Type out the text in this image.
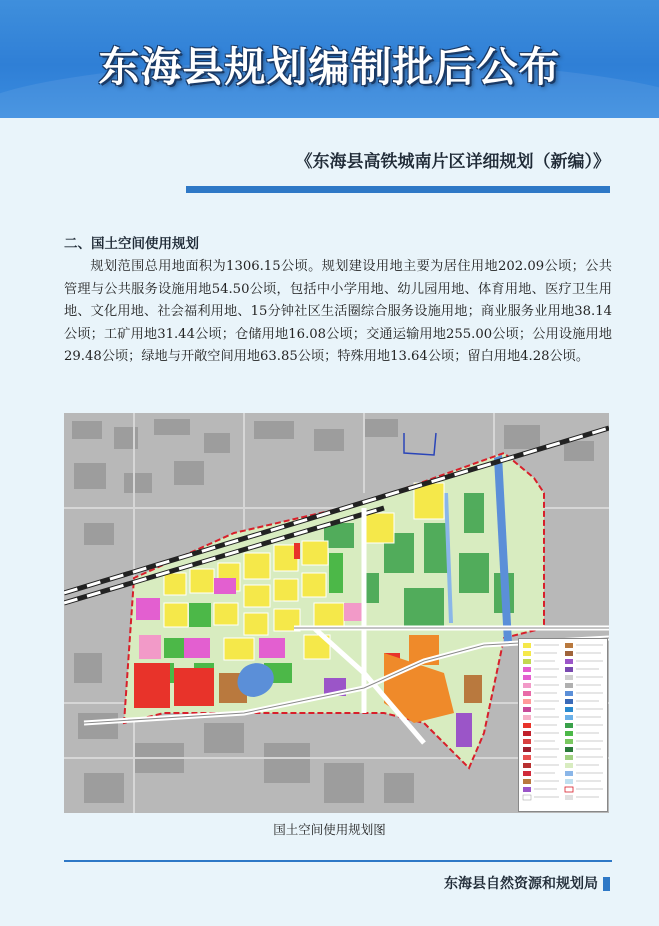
东海县规划编制批后公布
《东海县高铁城南片区详细规划（新编）》
二、国土空间使用规划
规划范围总用地面积为1306.15公顷。规划建设用地主要为居住用地202.09公顷；公共管理与公共服务设施用地54.50公顷，包括中小学用地、幼儿园用地、体育用地、医疗卫生用地、文化用地、社会福利用地、15分钟社区生活圈综合服务设施用地；商业服务业用地38.14公顷；工矿用地31.44公顷；仓储用地16.08公顷；交通运输用地255.00公顷；公用设施用地29.48公顷；绿地与开敞空间用地63.85公顷；特殊用地13.64公顷；留白用地4.28公顷。
国土空间使用规划图
东海县自然资源和规划局
